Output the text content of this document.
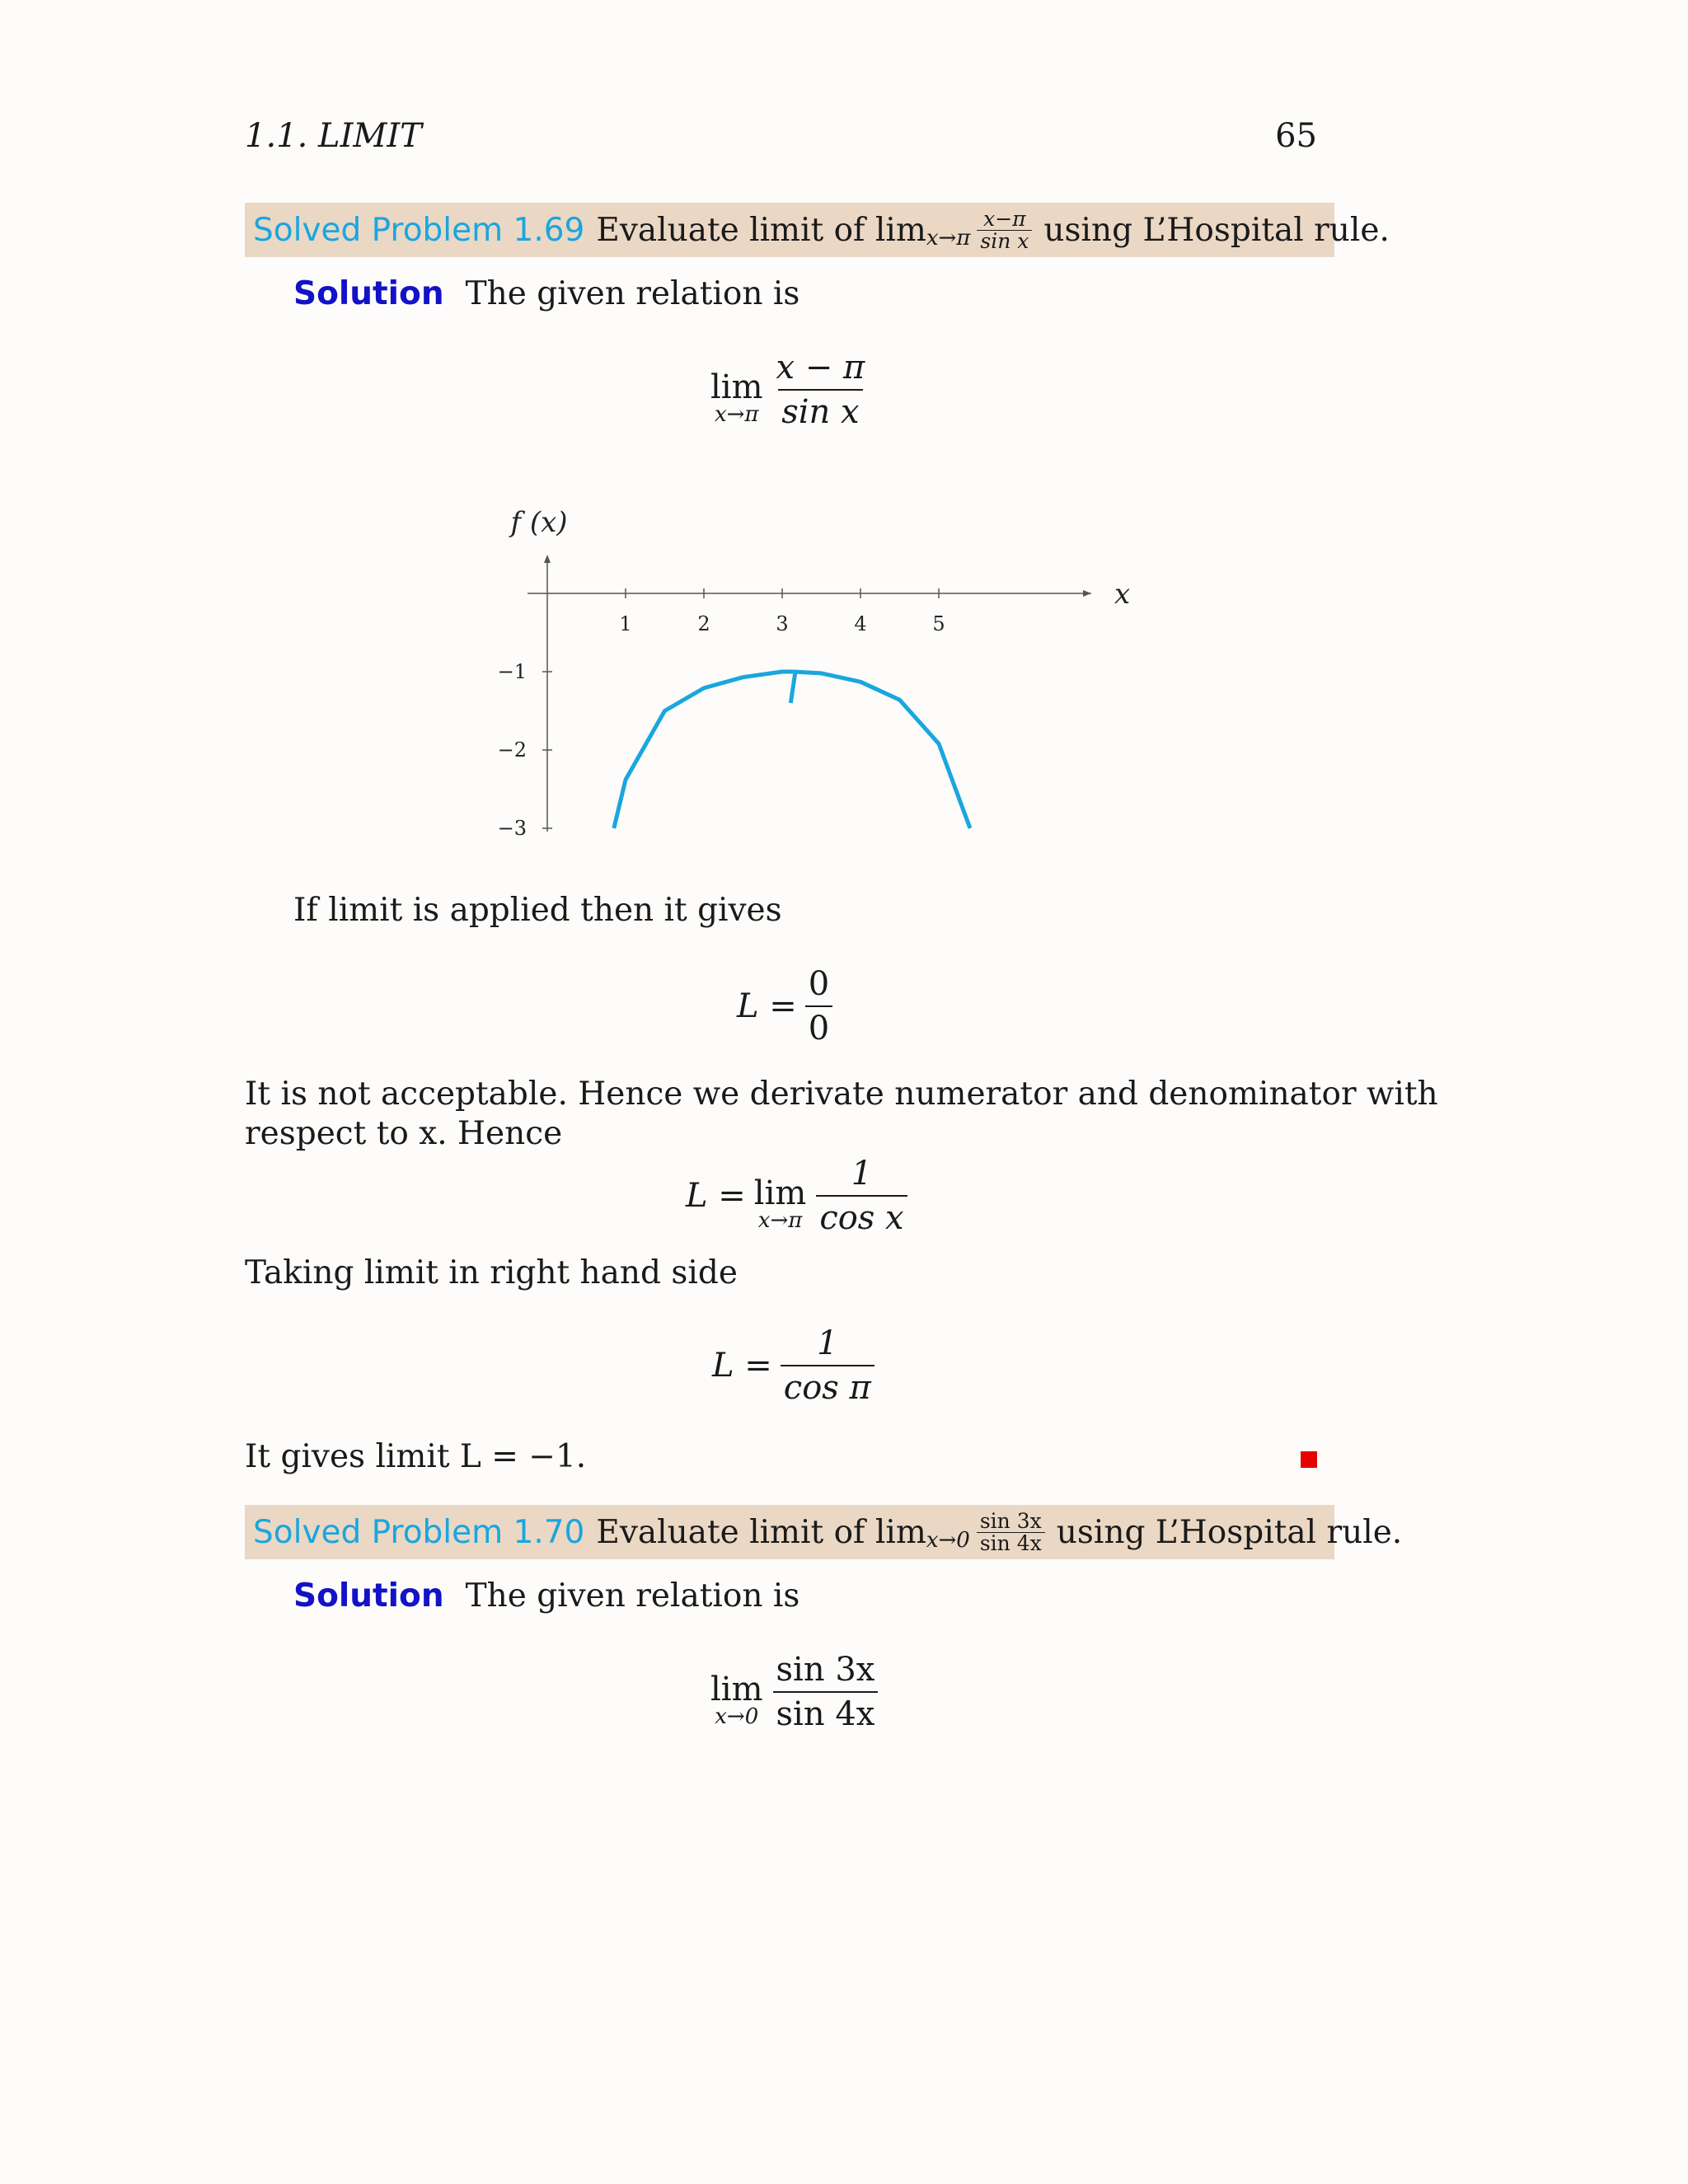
1.1. LIMIT	65
Solved Problem 1.69 Evaluate limit of $\lim x\to\pi \frac{x-\pi}{\text{sin x}}$ using L’Hospital rule.
Solution The given relation is
lim
$x\to\pi \frac{x - \pi}{\text{sin x}}$
1	2	3	4	5
−1
−2
−3
x
f (x)
If limit is applied then it gives
$L = \frac{0}{0}$
It is not acceptable. Hence we derivate numerator and denominator with
respect to x. Hence
L = lim
$x\to\pi \frac{1}{\text{cos x}}$
Taking limit in right hand side
$L = \frac{1}{\text{cos π}}$
It gives limit L = −1.
Solved Problem 1.70 Evaluate limit of $\lim x\to 0 \frac{\sin 3x}{\sin 4x}$ using L’Hospital rule.
Solution The given relation is
lim
$x\to 0 \frac{\sin 3x}{\sin 4x}$
